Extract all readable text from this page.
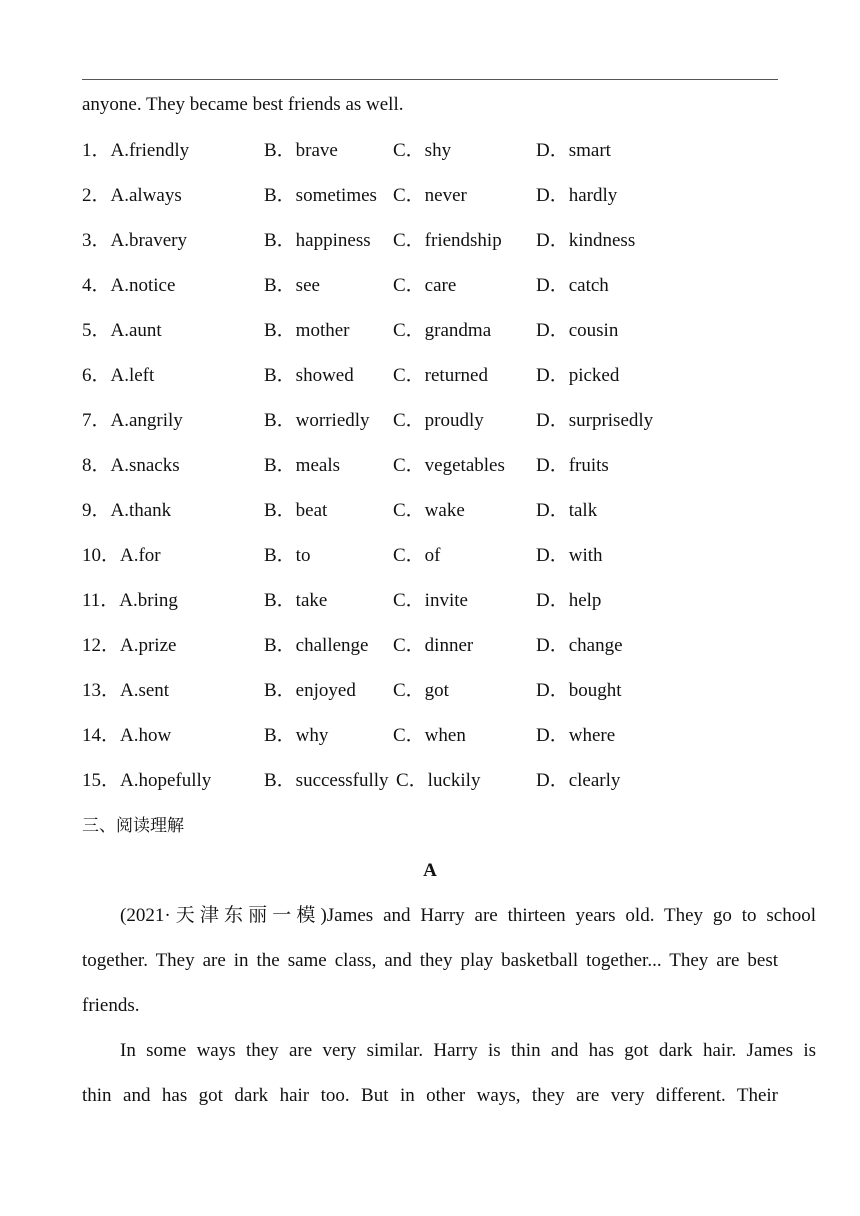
anyone. They became best friends as well.
1．A.friendly	B．brave	C．shy	D．smart
2．A.always	B．sometimes C．never	D．hardly
3．A.bravery	B．happiness C．friendship D．kindness
4．A.notice	B．see	C．care	D．catch
5．A.aunt	B．mother C．grandma D．cousin
6．A.left	B．showed C．returned	D．picked
7．A.angrily	B．worriedly C．proudly	D．surprisedly
8．A.snacks	B．meals	C．vegetables D．fruits
9．A.thank	B．beat	C．wake	D．talk
10．A.for	B．to	C．of	D．with
11．A.bring	B．take	C．invite	D．help
12．A.prize	B．challenge C．dinner	D．change
13．A.sent	B．enjoyed C．got	D．bought
14．A.how	B．why	C．when	D．where
15．A.hopefully	B．successfully C．luckily	D．clearly
三、阅读理解
A
(2021·天津东丽一模)James and Harry are thirteen years old. They go to school
together. They are in the same class, and they play basketball together... They are best
friends.
In some ways they are very similar. Harry is thin and has got dark hair. James is
thin and has got dark hair too. But in other ways, they are very different. Their
